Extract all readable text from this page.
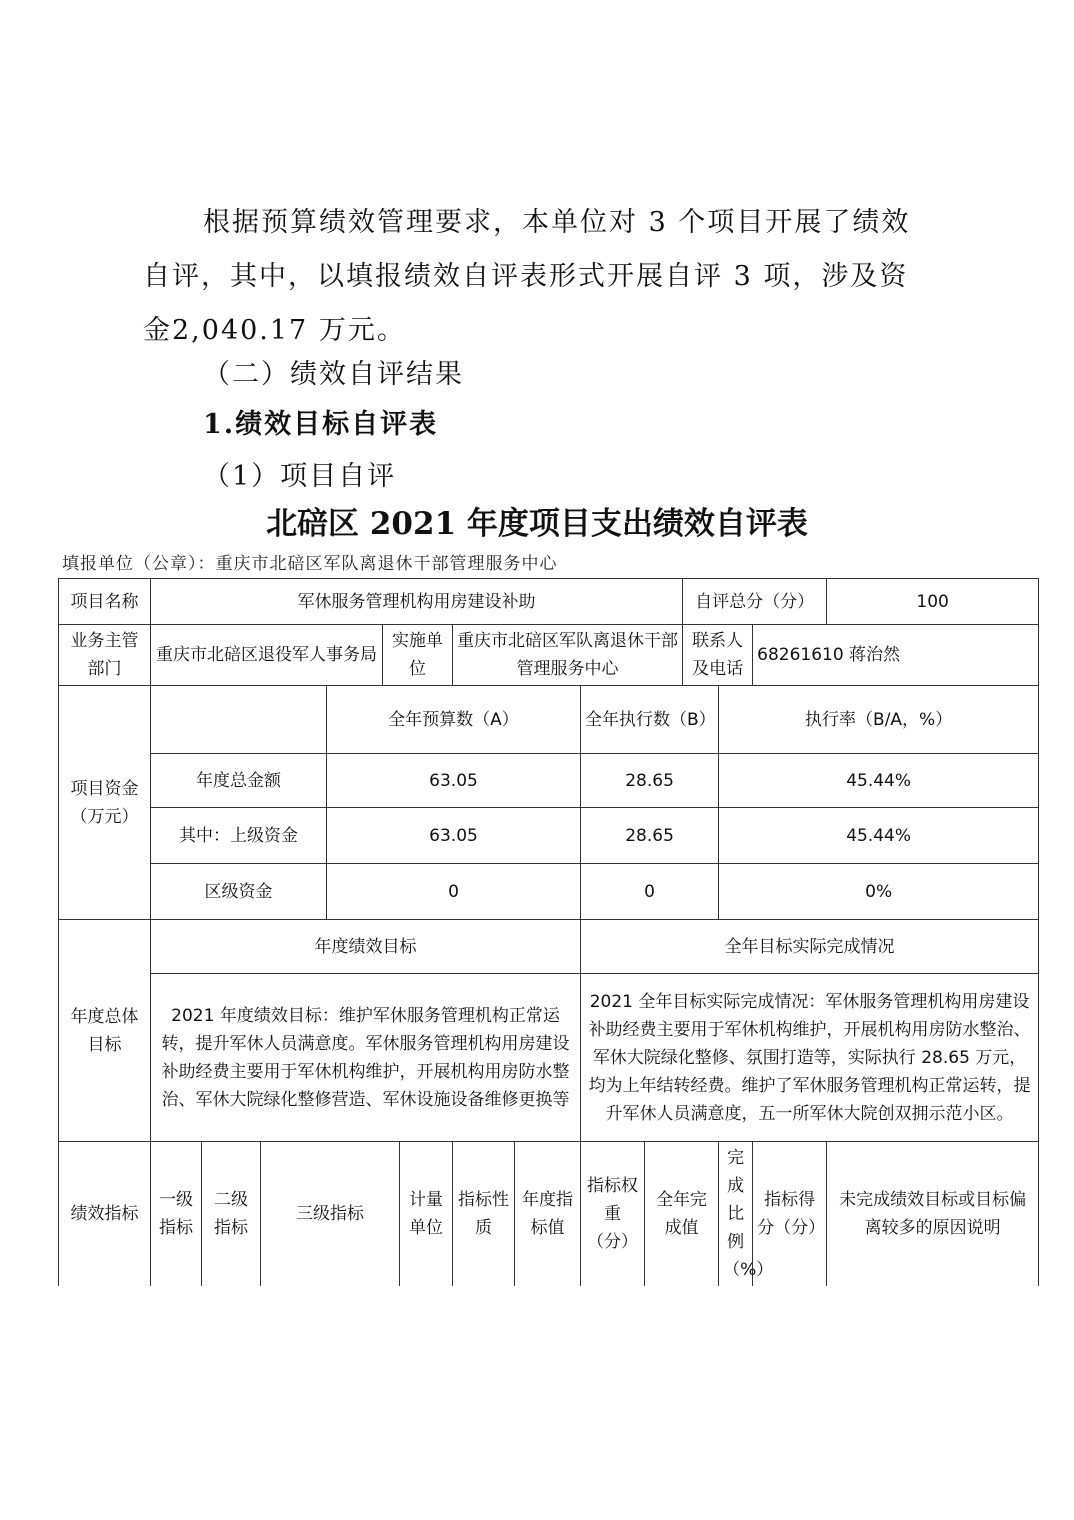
根据预算绩效管理要求，本单位对 3 个项目开展了绩效自评，其中，以填报绩效自评表形式开展自评 3 项，涉及资金2,040.17 万元。

（二）绩效自评结果
1.绩效目标自评表
（1）项目自评
北碚区 2021 年度项目支出绩效自评表
填报单位（公章）：重庆市北碚区军队离退休干部管理服务中心
项目名称	军休服务管理机构用房建设补助										自评总分（分）			100
业务主管部门	重庆市北碚区退役军人事务局				实施单位		重庆市北碚区军队离退休干部管理服务中心				联系人及电话		68261610 蒋治然	
项目资金（万元）				全年预算数（A）					全年执行数（B）			执行率（B/A，%）		
	年度总金额			63.05					28.65			45.44%		
	其中：上级资金			63.05					28.65			45.44%		
	区级资金			0					0			0%		
年度总体目标	年度绩效目标								全年目标实际完成情况					
	2021 年度绩效目标：维护军休服务管理机构正常运转，提升军休人员满意度。军休服务管理机构用房建设补助经费主要用于军休机构维护，开展机构用房防水整治、军休大院绿化整修营造、军休设施设备维修更换等								2021 全年目标实际完成情况：军休服务管理机构用房建设补助经费主要用于军休机构维护，开展机构用房防水整治、军休大院绿化整修、氛围打造等，实际执行 28.65 万元，均为上年结转经费。维护了军休服务管理机构正常运转，提升军休人员满意度，五一所军休大院创双拥示范小区。					
绩效指标	一级指标	二级指标	三级指标			计量单位	指标性质	年度指标值	指标权重（分）	全年完成值		完成比例（%）	指标得分（分）	未完成绩效目标或目标偏离较多的原因说明
